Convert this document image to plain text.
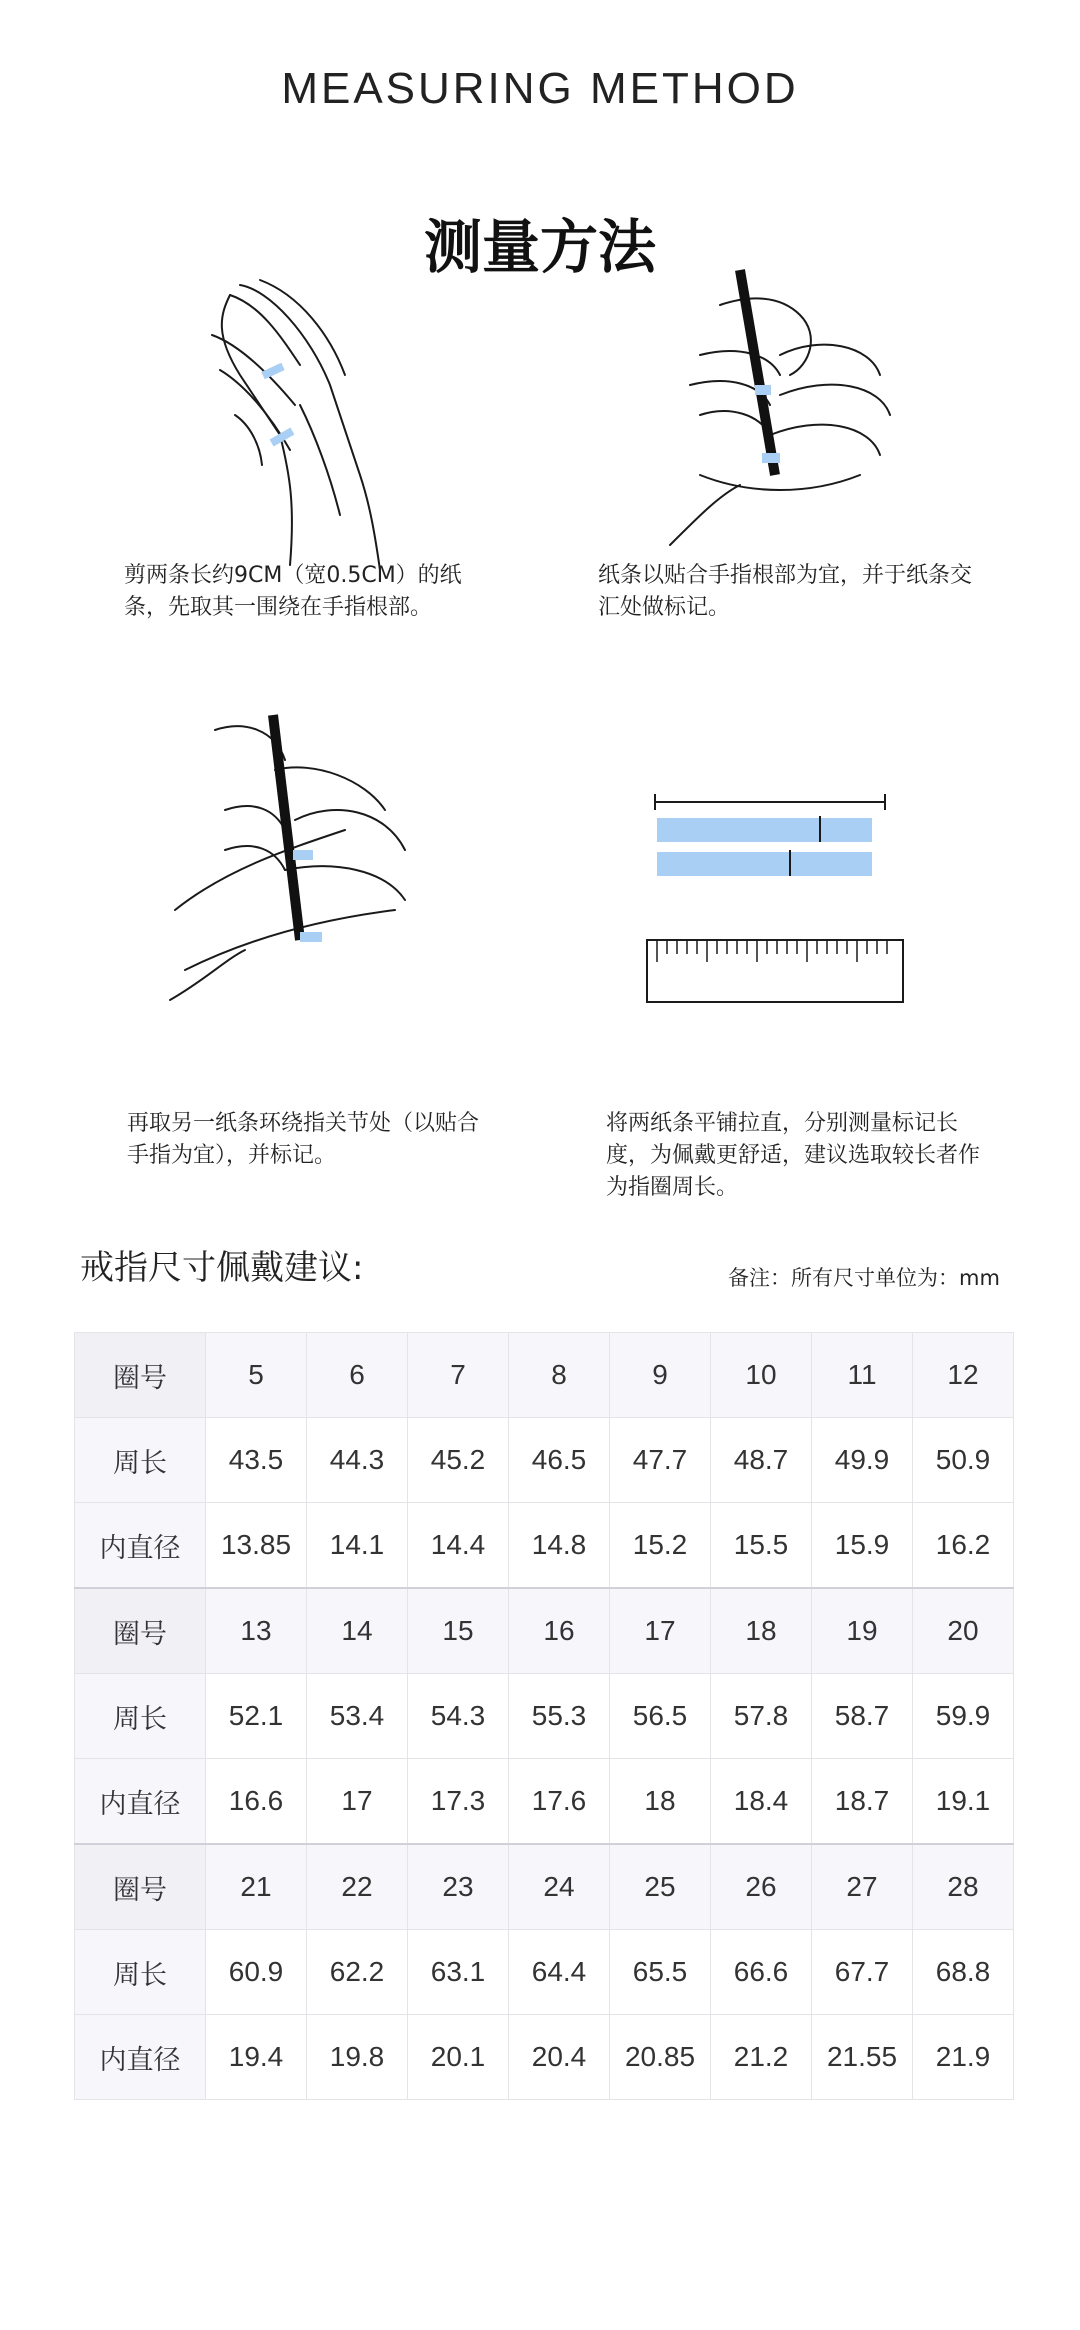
MEASURING METHOD
测量方法
剪两条长约9CM（宽0.5CM）的纸条，先取其一围绕在手指根部。
纸条以贴合手指根部为宜，并于纸条交汇处做标记。
再取另一纸条环绕指关节处（以贴合手指为宜），并标记。
将两纸条平铺拉直，分别测量标记长度，为佩戴更舒适，建议选取较长者作为指圈周长。
戒指尺寸佩戴建议:	备注：所有尺寸单位为：mm
圈号	5	6	7	8	9	10	11	12
周长	43.5	44.3	45.2	46.5	47.7	48.7	49.9	50.9
内直径	13.85	14.1	14.4	14.8	15.2	15.5	15.9	16.2
圈号	13	14	15	16	17	18	19	20
周长	52.1	53.4	54.3	55.3	56.5	57.8	58.7	59.9
内直径	16.6	17	17.3	17.6	18	18.4	18.7	19.1
圈号	21	22	23	24	25	26	27	28
周长	60.9	62.2	63.1	64.4	65.5	66.6	67.7	68.8
内直径	19.4	19.8	20.1	20.4	20.85	21.2	21.55	21.9
